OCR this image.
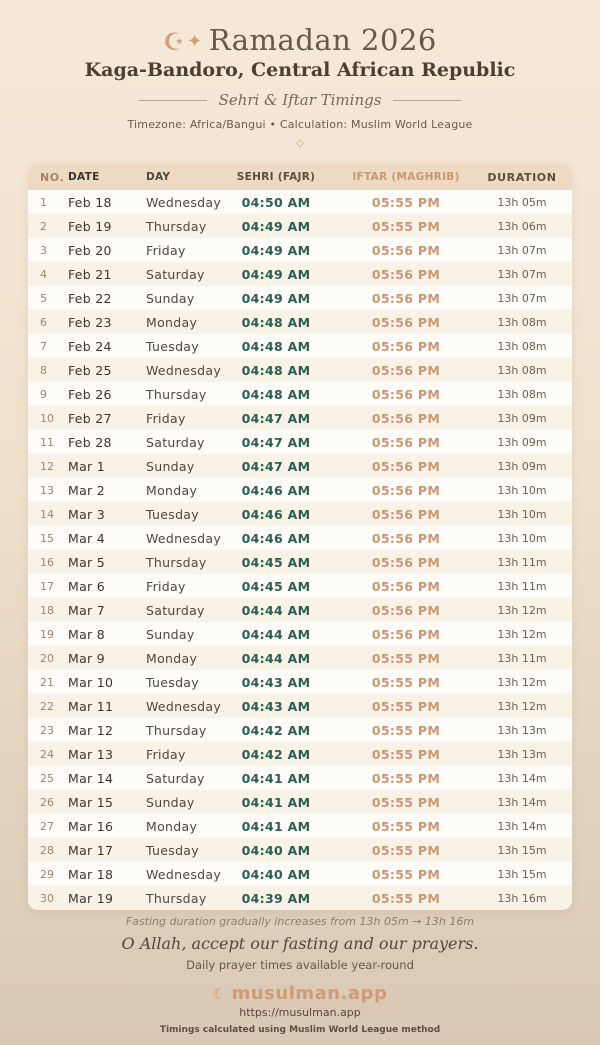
☪ ✦ Ramadan 2026
Kaga-Bandoro, Central African Republic
Sehri & Iftar Timings
Timezone: Africa/Bangui • Calculation: Muslim World League
◇
NO. DATE	DAY	SEHRI (FAJR)	IFTAR (MAGHRIB)	DURATION
1	Feb 18	Wednesday	04:50 AM	05:55 PM	13h 05m
2	Feb 19	Thursday	04:49 AM	05:55 PM	13h 06m
3	Feb 20	Friday	04:49 AM	05:56 PM	13h 07m
4	Feb 21	Saturday	04:49 AM	05:56 PM	13h 07m
5	Feb 22	Sunday	04:49 AM	05:56 PM	13h 07m
6	Feb 23	Monday	04:48 AM	05:56 PM	13h 08m
7	Feb 24	Tuesday	04:48 AM	05:56 PM	13h 08m
8	Feb 25	Wednesday	04:48 AM	05:56 PM	13h 08m
9	Feb 26	Thursday	04:48 AM	05:56 PM	13h 08m
10	Feb 27	Friday	04:47 AM	05:56 PM	13h 09m
11	Feb 28	Saturday	04:47 AM	05:56 PM	13h 09m
12	Mar 1	Sunday	04:47 AM	05:56 PM	13h 09m
13	Mar 2	Monday	04:46 AM	05:56 PM	13h 10m
14	Mar 3	Tuesday	04:46 AM	05:56 PM	13h 10m
15	Mar 4	Wednesday	04:46 AM	05:56 PM	13h 10m
16	Mar 5	Thursday	04:45 AM	05:56 PM	13h 11m
17	Mar 6	Friday	04:45 AM	05:56 PM	13h 11m
18	Mar 7	Saturday	04:44 AM	05:56 PM	13h 12m
19	Mar 8	Sunday	04:44 AM	05:56 PM	13h 12m
20	Mar 9	Monday	04:44 AM	05:55 PM	13h 11m
21	Mar 10	Tuesday	04:43 AM	05:55 PM	13h 12m
22	Mar 11	Wednesday	04:43 AM	05:55 PM	13h 12m
23	Mar 12	Thursday	04:42 AM	05:55 PM	13h 13m
24	Mar 13	Friday	04:42 AM	05:55 PM	13h 13m
25	Mar 14	Saturday	04:41 AM	05:55 PM	13h 14m
26	Mar 15	Sunday	04:41 AM	05:55 PM	13h 14m
27	Mar 16	Monday	04:41 AM	05:55 PM	13h 14m
28	Mar 17	Tuesday	04:40 AM	05:55 PM	13h 15m
29	Mar 18	Wednesday	04:40 AM	05:55 PM	13h 15m
30	Mar 19	Thursday	04:39 AM	05:55 PM	13h 16m
Fasting duration gradually increases from 13h 05m → 13h 16m
O Allah, accept our fasting and our prayers.
Daily prayer times available year-round
☾ musulman.app
https://musulman.app
Timings calculated using Muslim World League method
